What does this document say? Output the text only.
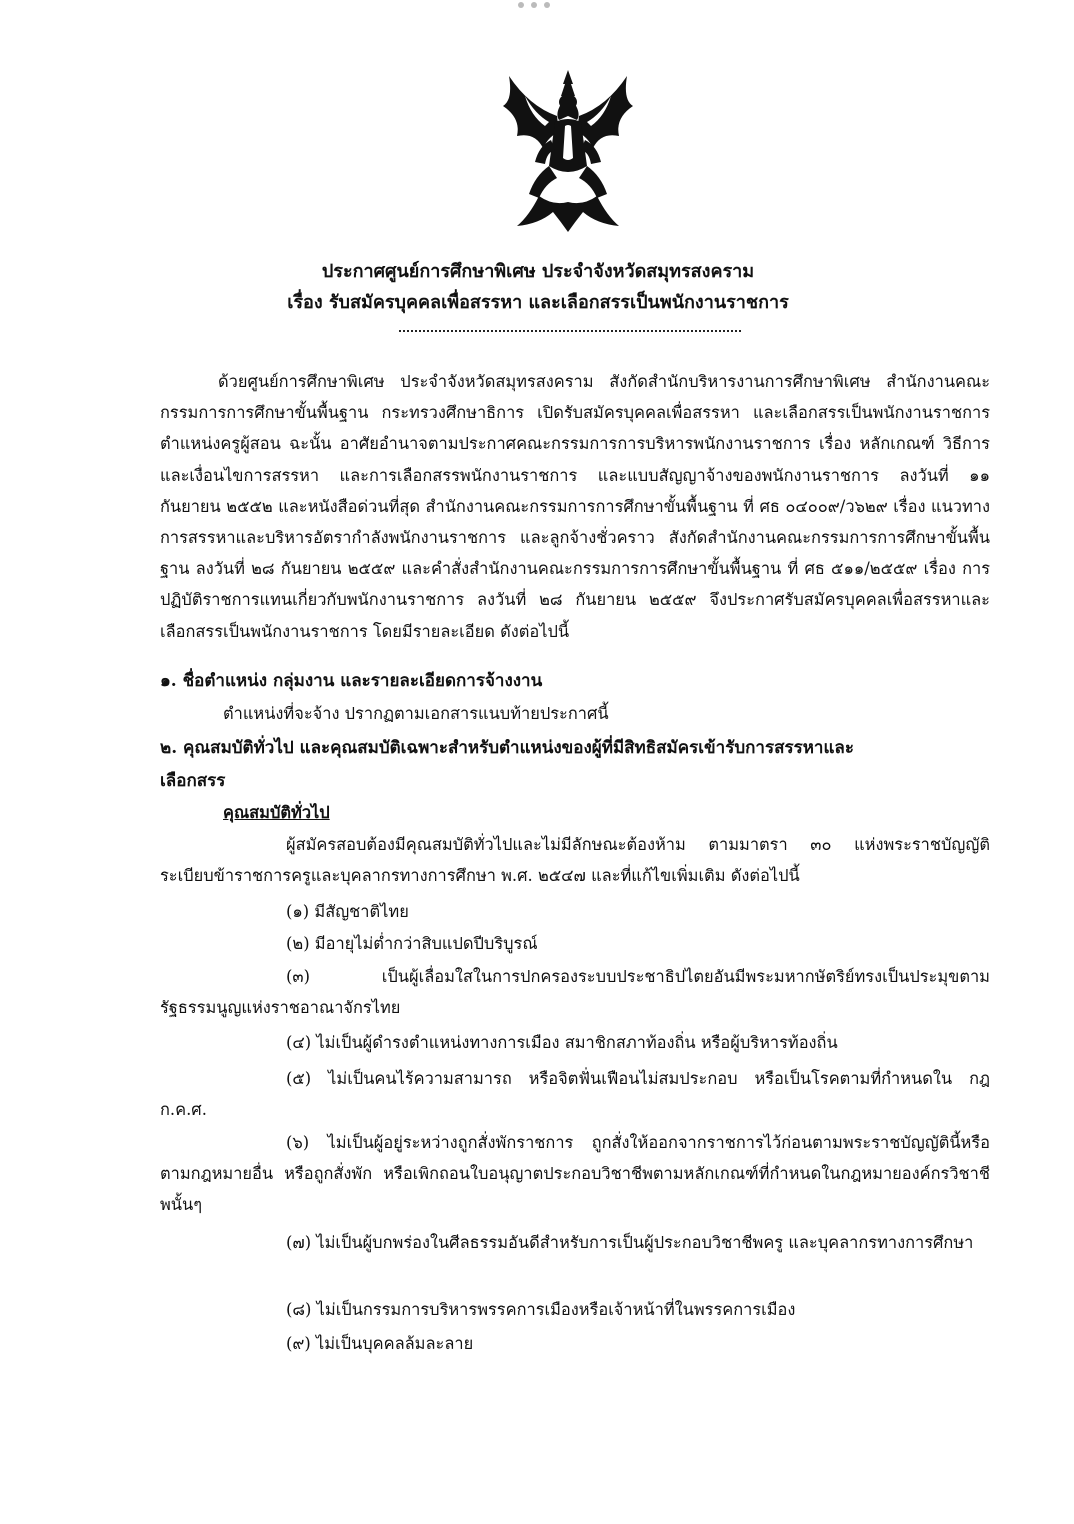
ประกาศศูนย์การศึกษาพิเศษ ประจำจังหวัดสมุทรสงคราม
เรื่อง รับสมัครบุคคลเพื่อสรรหา และเลือกสรรเป็นพนักงานราชการ

ด้วยศูนย์การศึกษาพิเศษ ประจำจังหวัดสมุทรสงคราม สังกัดสำนักบริหารงานการศึกษาพิเศษ สำนักงานคณะกรรมการการศึกษาขั้นพื้นฐาน กระทรวงศึกษาธิการ เปิดรับสมัครบุคคลเพื่อสรรหา และเลือกสรรเป็นพนักงานราชการ ตำแหน่งครูผู้สอน ฉะนั้น อาศัยอำนาจตามประกาศคณะกรรมการการบริหารพนักงานราชการ เรื่อง หลักเกณฑ์ วิธีการ และเงื่อนไขการสรรหา และการเลือกสรรพนักงานราชการ และแบบสัญญาจ้างของพนักงานราชการ ลงวันที่ ๑๑ กันยายน ๒๕๕๒ และหนังสือด่วนที่สุด สำนักงานคณะกรรมการการศึกษาขั้นพื้นฐาน ที่ ศธ ๐๔๐๐๙/ว๖๒๙ เรื่อง แนวทางการสรรหาและบริหารอัตรากำลังพนักงานราชการ และลูกจ้างชั่วคราว สังกัดสำนักงานคณะกรรมการการศึกษาขั้นพื้นฐาน ลงวันที่ ๒๘ กันยายน ๒๕๕๙ และคำสั่งสำนักงานคณะกรรมการการศึกษาขั้นพื้นฐาน ที่ ศธ ๕๑๑/๒๕๕๙ เรื่อง การปฏิบัติราชการแทนเกี่ยวกับพนักงานราชการ ลงวันที่ ๒๘ กันยายน ๒๕๕๙ จึงประกาศรับสมัครบุคคลเพื่อสรรหาและเลือกสรรเป็นพนักงานราชการ โดยมีรายละเอียด ดังต่อไปนี้

๑. ชื่อตำแหน่ง กลุ่มงาน และรายละเอียดการจ้างงาน
ตำแหน่งที่จะจ้าง ปรากฏตามเอกสารแนบท้ายประกาศนี้
๒. คุณสมบัติทั่วไป และคุณสมบัติเฉพาะสำหรับตำแหน่งของผู้ที่มีสิทธิสมัครเข้ารับการสรรหาและ
เลือกสรร
คุณสมบัติทั่วไป

ผู้สมัครสอบต้องมีคุณสมบัติทั่วไปและไม่มีลักษณะต้องห้าม ตามมาตรา ๓๐ แห่งพระราชบัญญัติระเบียบข้าราชการครูและบุคลากรทางการศึกษา พ.ศ. ๒๕๔๗ และที่แก้ไขเพิ่มเติม ดังต่อไปนี้

(๑) มีสัญชาติไทย

(๒) มีอายุไม่ต่ำกว่าสิบแปดปีบริบูรณ์

(๓) เป็นผู้เลื่อมใสในการปกครองระบบประชาธิปไตยอันมีพระมหากษัตริย์ทรงเป็นประมุขตามรัฐธรรมนูญแห่งราชอาณาจักรไทย

(๔) ไม่เป็นผู้ดำรงตำแหน่งทางการเมือง สมาชิกสภาท้องถิ่น หรือผู้บริหารท้องถิ่น

(๕) ไม่เป็นคนไร้ความสามารถ หรือจิตฟั่นเฟือนไม่สมประกอบ หรือเป็นโรคตามที่กำหนดใน กฎ ก.ค.ศ.

(๖) ไม่เป็นผู้อยู่ระหว่างถูกสั่งพักราชการ ถูกสั่งให้ออกจากราชการไว้ก่อนตามพระราชบัญญัตินี้หรือตามกฎหมายอื่น หรือถูกสั่งพัก หรือเพิกถอนใบอนุญาตประกอบวิชาชีพตามหลักเกณฑ์ที่กำหนดในกฎหมายองค์กรวิชาชีพนั้นๆ

(๗) ไม่เป็นผู้บกพร่องในศีลธรรมอันดีสำหรับการเป็นผู้ประกอบวิชาชีพครู และบุคลากรทางการศึกษา

(๘) ไม่เป็นกรรมการบริหารพรรคการเมืองหรือเจ้าหน้าที่ในพรรคการเมือง

(๙) ไม่เป็นบุคคลล้มละลาย
